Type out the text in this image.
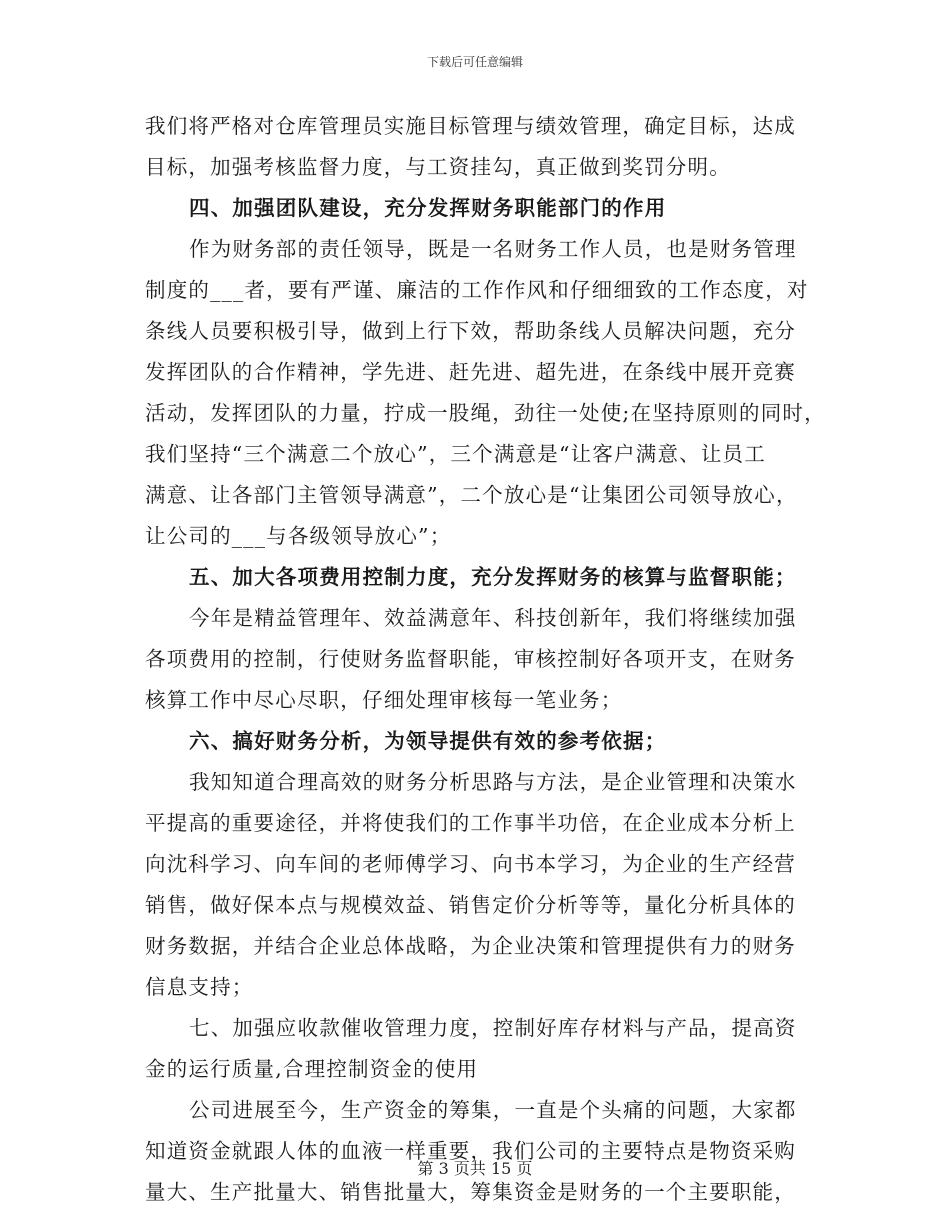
下载后可任意编辑
我们将严格对仓库管理员实施目标管理与绩效管理，确定目标，达成
目标，加强考核监督力度，与工资挂勾，真正做到奖罚分明。
四、加强团队建设，充分发挥财务职能部门的作用
作为财务部的责任领导，既是一名财务工作人员，也是财务管理
制度的___者，要有严谨、廉洁的工作作风和仔细细致的工作态度，对
条线人员要积极引导，做到上行下效，帮助条线人员解决问题，充分
发挥团队的合作精神，学先进、赶先进、超先进，在条线中展开竞赛
活动，发挥团队的力量，拧成一股绳，劲往一处使;在坚持原则的同时，
我们坚持“三个满意二个放心”，三个满意是“让客户满意、让员工
满意、让各部门主管领导满意”，二个放心是“让集团公司领导放心，
让公司的___与各级领导放心”；
五、加大各项费用控制力度，充分发挥财务的核算与监督职能；
今年是精益管理年、效益满意年、科技创新年，我们将继续加强
各项费用的控制，行使财务监督职能，审核控制好各项开支，在财务
核算工作中尽心尽职，仔细处理审核每一笔业务；
六、搞好财务分析，为领导提供有效的参考依据；
我知知道合理高效的财务分析思路与方法，是企业管理和决策水
平提高的重要途径，并将使我们的工作事半功倍，在企业成本分析上
向沈科学习、向车间的老师傅学习、向书本学习，为企业的生产经营
销售，做好保本点与规模效益、销售定价分析等等，量化分析具体的
财务数据，并结合企业总体战略，为企业决策和管理提供有力的财务
信息支持；
七、加强应收款催收管理力度，控制好库存材料与产品，提高资
金的运行质量,合理控制资金的使用
公司进展至今，生产资金的筹集，一直是个头痛的问题，大家都
知道资金就跟人体的血液一样重要，我们公司的主要特点是物资采购
量大、生产批量大、销售批量大，筹集资金是财务的一个主要职能，
第 3 页共 15 页
